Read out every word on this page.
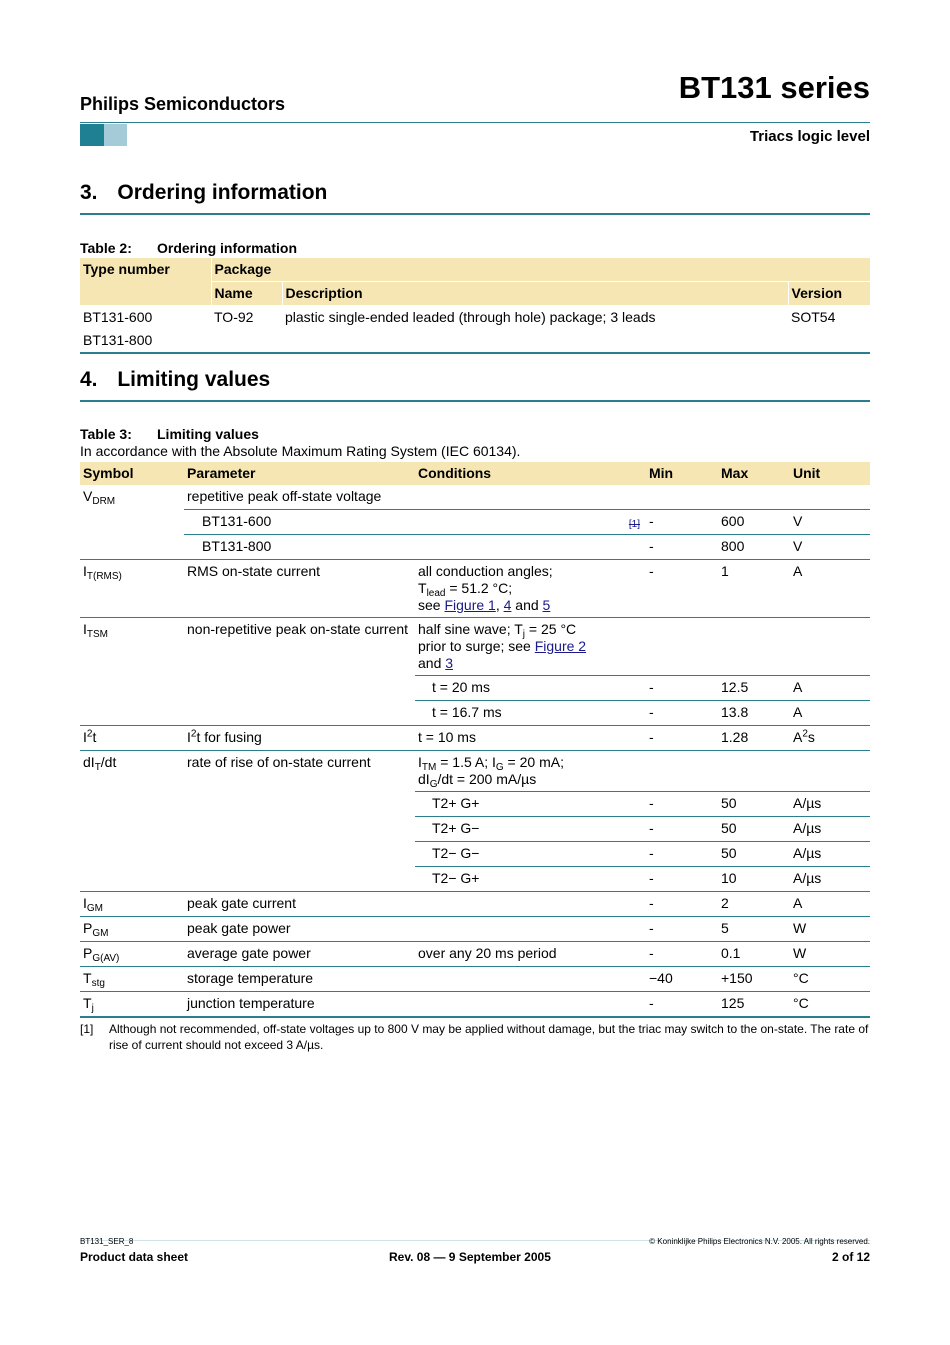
Philips Semiconductors	BT131 series
Triacs logic level
3. Ordering information
Table 2: Ordering information
Type number	Package		
	Name	Description	Version
BT131-600	TO-92	plastic single-ended leaded (through hole) package; 3 leads	SOT54
BT131-800			
4. Limiting values
Table 3: Limiting values
In accordance with the Absolute Maximum Rating System (IEC 60134).
Symbol	Parameter	Conditions	Min	Max	Unit
$V_{DRM}$	repetitive peak off-state voltage				
	BT131-600	[1]	-	600	V
	BT131-800		-	800	V
$I_{T(RMS)}$	RMS on-state current	all conduction angles;
$T_{lead} = 51.2$ °C;
see Figure 1, 4 and 5	-	1	A
$I_{TSM}$	non-repetitive peak on-state current	half sine wave; $T_j = 25$ °C
prior to surge; see Figure 2
and 3			
		t = 20 ms	-	12.5	A
		t = 16.7 ms	-	13.8	A
$I^2t$	$I^2t$ for fusing	t = 10 ms	-	1.28	$A^2s$
$dI_T/dt$	rate of rise of on-state current	$I_{TM} = 1.5$ A; $I_G = 20$ mA;
$dI_G/dt = 200$ mA/µs			
		T2+ G+	-	50	A/µs
		T2+ G−	-	50	A/µs
		T2− G−	-	50	A/µs
		T2− G+	-	10	A/µs
$I_{GM}$	peak gate current		-	2	A
$P_{GM}$	peak gate power		-	5	W
$P_{G(AV)}$	average gate power	over any 20 ms period	-	0.1	W
$T_{stg}$	storage temperature		−40	+150	°C
$T_j$	junction temperature		-	125	°C
[1] Although not recommended, off-state voltages up to 800 V may be applied without damage, but the triac may switch to the on-state. The rate of rise of current should not exceed 3 A/µs.
BT131_SER_8	© Koninklijke Philips Electronics N.V. 2005. All rights reserved.
Product data sheet	Rev. 08 — 9 September 2005	2 of 12
